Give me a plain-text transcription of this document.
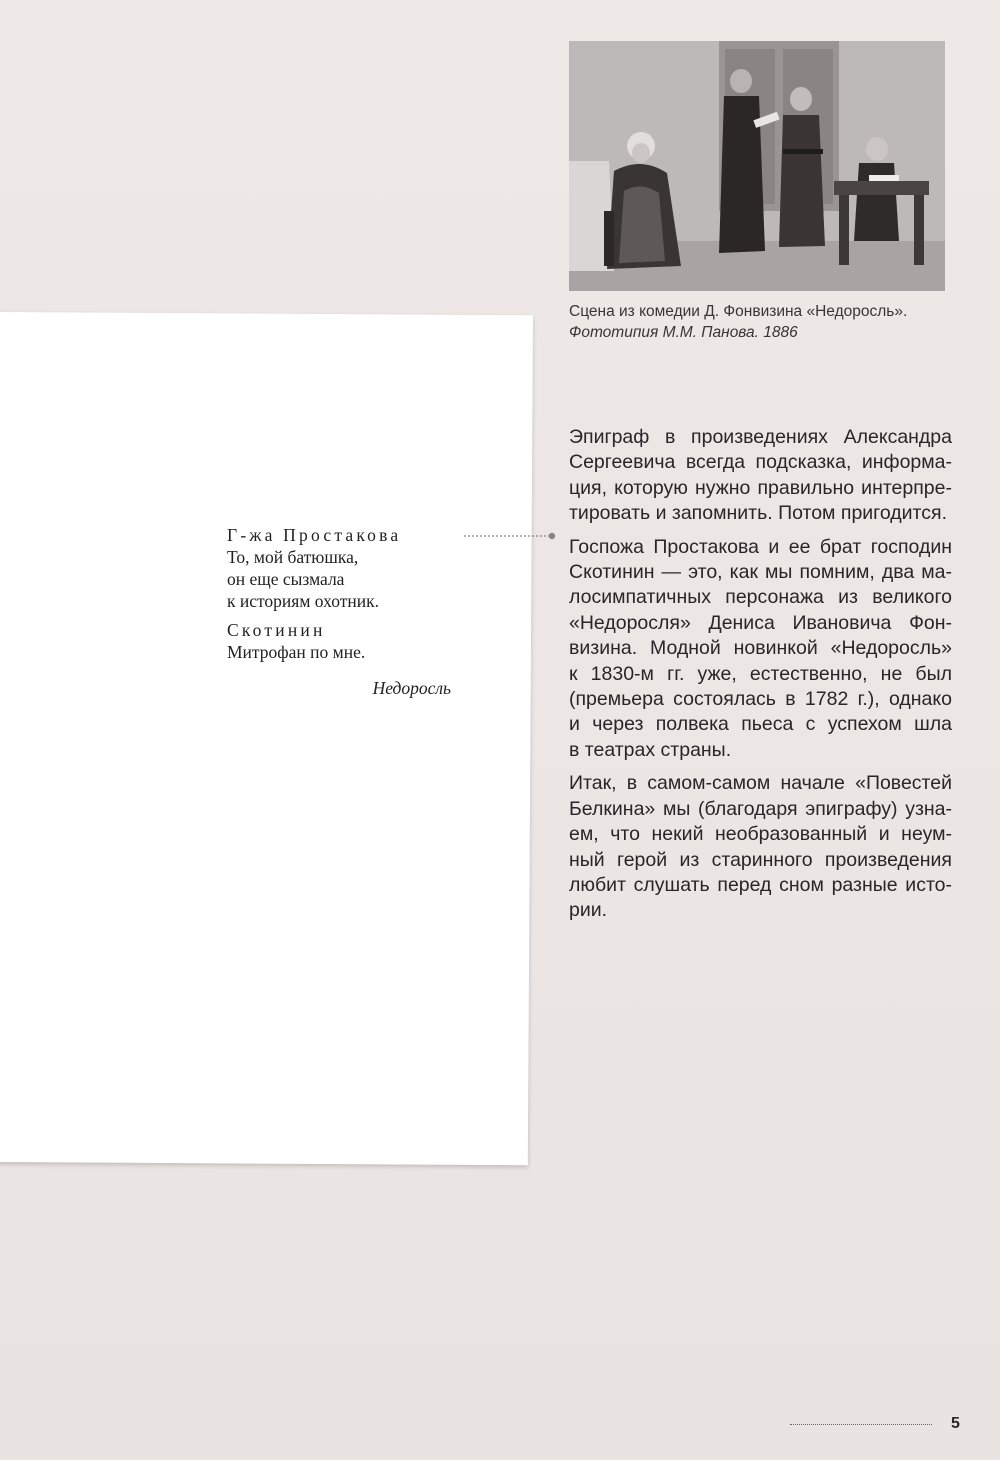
Сцена из комедии Д. Фонвизина «Недоросль».
Фототипия М.М. Панова. 1886
Г-жа Простакова
То, мой батюшка,
он еще сызмала
к историям охотник.
Скотинин
Митрофан по мне.
Недоросль

Эпиграф в произведениях Александра
Сергеевича всегда подсказка, информа-
ция, которую нужно правильно интерпре-
тировать и запомнить. Потом пригодится.

Госпожа Простакова и ее брат господин
Скотинин — это, как мы помним, два ма-
лосимпатичных персонажа из великого
«Недоросля» Дениса Ивановича Фон-
визина. Модной новинкой «Недоросль»
к 1830-м гг. уже, естественно, не был
(премьера состоялась в 1782 г.), однако
и через полвека пьеса с успехом шла
в театрах страны.

Итак, в самом-самом начале «Повестей
Белкина» мы (благодаря эпиграфу) узна-
ем, что некий необразованный и неум-
ный герой из старинного произведения
любит слушать перед сном разные исто-
рии.

5
